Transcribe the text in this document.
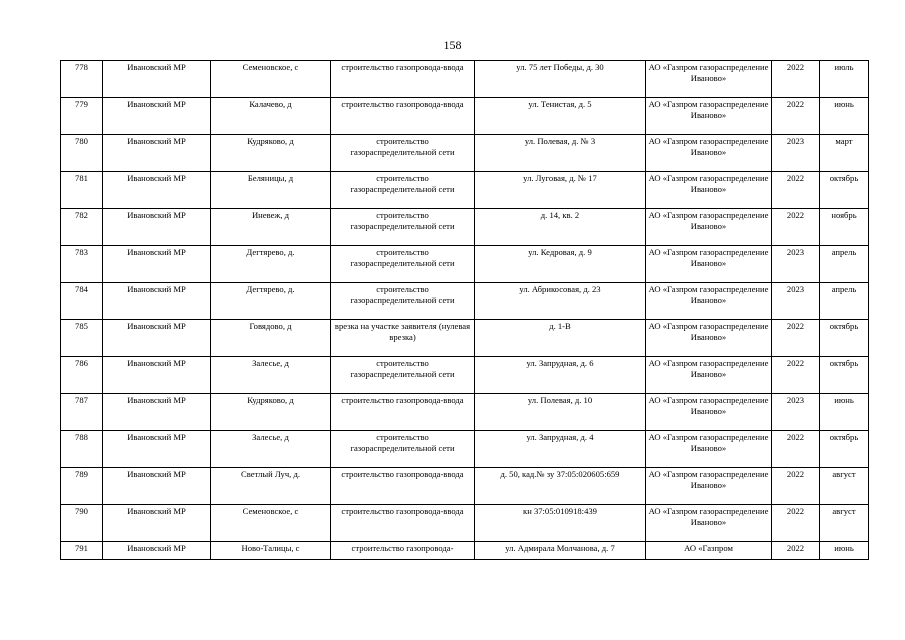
158
778	Ивановский МР	Семеновское, с	строительство газопровода-ввода	ул. 75 лет Победы, д. 30	АО «Газпром газораспределение Иваново»	2022	июль
779	Ивановский МР	Калачево, д	строительство газопровода-ввода	ул. Тенистая, д. 5	АО «Газпром газораспределение Иваново»	2022	июнь
780	Ивановский МР	Кудряково, д	строительство газораспределительной сети	ул. Полевая, д. № 3	АО «Газпром газораспределение Иваново»	2023	март
781	Ивановский МР	Беляницы, д	строительство газораспределительной сети	ул. Луговая, д. № 17	АО «Газпром газораспределение Иваново»	2022	октябрь
782	Ивановский МР	Иневеж, д	строительство газораспределительной сети	д. 14, кв. 2	АО «Газпром газораспределение Иваново»	2022	ноябрь
783	Ивановский МР	Дегтярево, д.	строительство газораспределительной сети	ул. Кедровая, д. 9	АО «Газпром газораспределение Иваново»	2023	апрель
784	Ивановский МР	Дегтярево, д.	строительство газораспределительной сети	ул. Абрикосовая, д. 23	АО «Газпром газораспределение Иваново»	2023	апрель
785	Ивановский МР	Говядово, д	врезка на участке заявителя (нулевая врезка)	д. 1-В	АО «Газпром газораспределение Иваново»	2022	октябрь
786	Ивановский МР	Залесье, д	строительство газораспределительной сети	ул. Запрудная, д. 6	АО «Газпром газораспределение Иваново»	2022	октябрь
787	Ивановский МР	Кудряково, д	строительство газопровода-ввода	ул. Полевая, д. 10	АО «Газпром газораспределение Иваново»	2023	июнь
788	Ивановский МР	Залесье, д	строительство газораспределительной сети	ул. Запрудная, д. 4	АО «Газпром газораспределение Иваново»	2022	октябрь
789	Ивановский МР	Светлый Луч, д.	строительство газопровода-ввода	д. 50, кад.№ зу 37:05:020605:659	АО «Газпром газораспределение Иваново»	2022	август
790	Ивановский МР	Семеновское, с	строительство газопровода-ввода	кн 37:05:010918:439	АО «Газпром газораспределение Иваново»	2022	август
791	Ивановский МР	Ново-Талицы, с	строительство газопровода-	ул. Адмирала Молчанова, д. 7	АО «Газпром	2022	июнь
